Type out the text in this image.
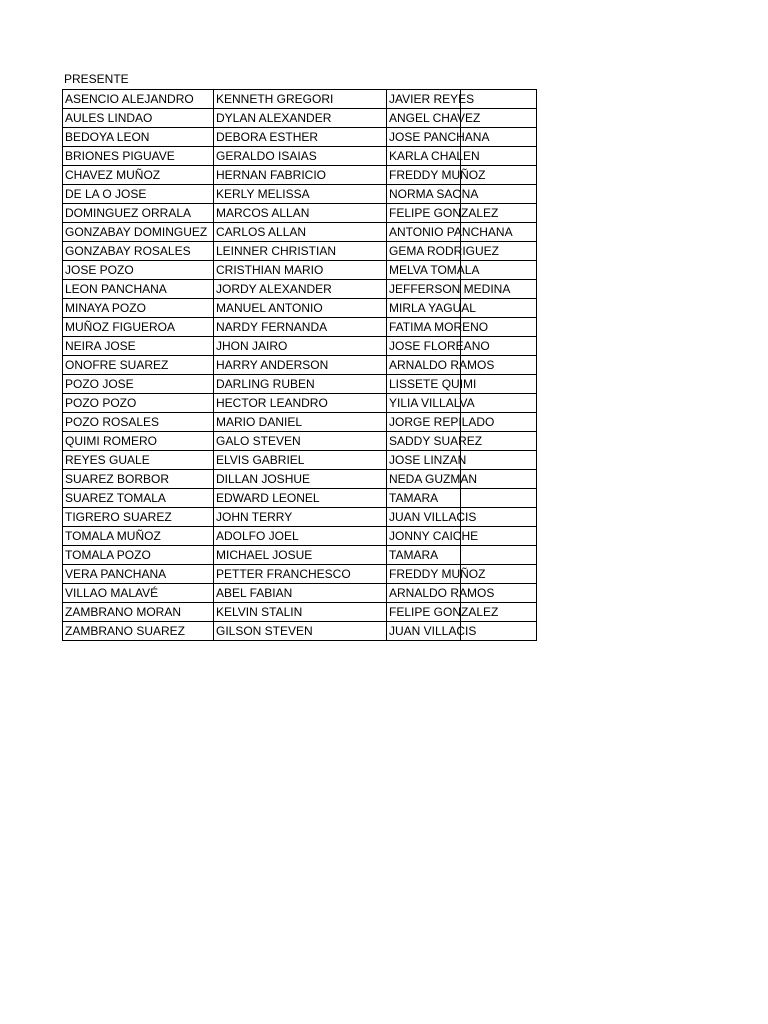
PRESENTE
ASENCIO ALEJANDRO	KENNETH GREGORI	JAVIER REYES	
AULES LINDAO	DYLAN ALEXANDER	ANGEL CHAVEZ	
BEDOYA LEON	DEBORA ESTHER	JOSE PANCHANA	
BRIONES PIGUAVE	GERALDO ISAIAS	KARLA CHALEN	
CHAVEZ MUÑOZ	HERNAN FABRICIO	FREDDY MUÑOZ	
DE LA O JOSE	KERLY MELISSA	NORMA SAONA	
DOMINGUEZ ORRALA	MARCOS ALLAN	FELIPE GONZALEZ	
GONZABAY DOMINGUEZ	CARLOS ALLAN	ANTONIO PANCHANA	
GONZABAY ROSALES	LEINNER CHRISTIAN	GEMA RODRIGUEZ	
JOSE POZO	CRISTHIAN MARIO	MELVA TOMALA	
LEON PANCHANA	JORDY ALEXANDER	JEFFERSON MEDINA	
MINAYA POZO	MANUEL ANTONIO	MIRLA YAGUAL	
MUÑOZ FIGUEROA	NARDY FERNANDA	FATIMA MORENO	
NEIRA JOSE	JHON JAIRO	JOSE FLOREANO	
ONOFRE SUAREZ	HARRY ANDERSON	ARNALDO RAMOS	
POZO JOSE	DARLING RUBEN	LISSETE QUIMI	
POZO POZO	HECTOR LEANDRO	YILIA VILLALVA	
POZO ROSALES	MARIO DANIEL	JORGE REPILADO	
QUIMI ROMERO	GALO STEVEN	SADDY SUAREZ	
REYES GUALE	ELVIS GABRIEL	JOSE LINZAN	
SUAREZ BORBOR	DILLAN JOSHUE	NEDA GUZMAN	
SUAREZ TOMALA	EDWARD LEONEL	TAMARA	
TIGRERO SUAREZ	JOHN TERRY	JUAN VILLACIS	
TOMALA MUÑOZ	ADOLFO JOEL	JONNY CAICHE	
TOMALA POZO	MICHAEL JOSUE	TAMARA	
VERA PANCHANA	PETTER FRANCHESCO	FREDDY MUÑOZ	
VILLAO MALAVÉ	ABEL FABIAN	ARNALDO RAMOS	
ZAMBRANO MORAN	KELVIN STALIN	FELIPE GONZALEZ	
ZAMBRANO SUAREZ	GILSON STEVEN	JUAN VILLACIS	
